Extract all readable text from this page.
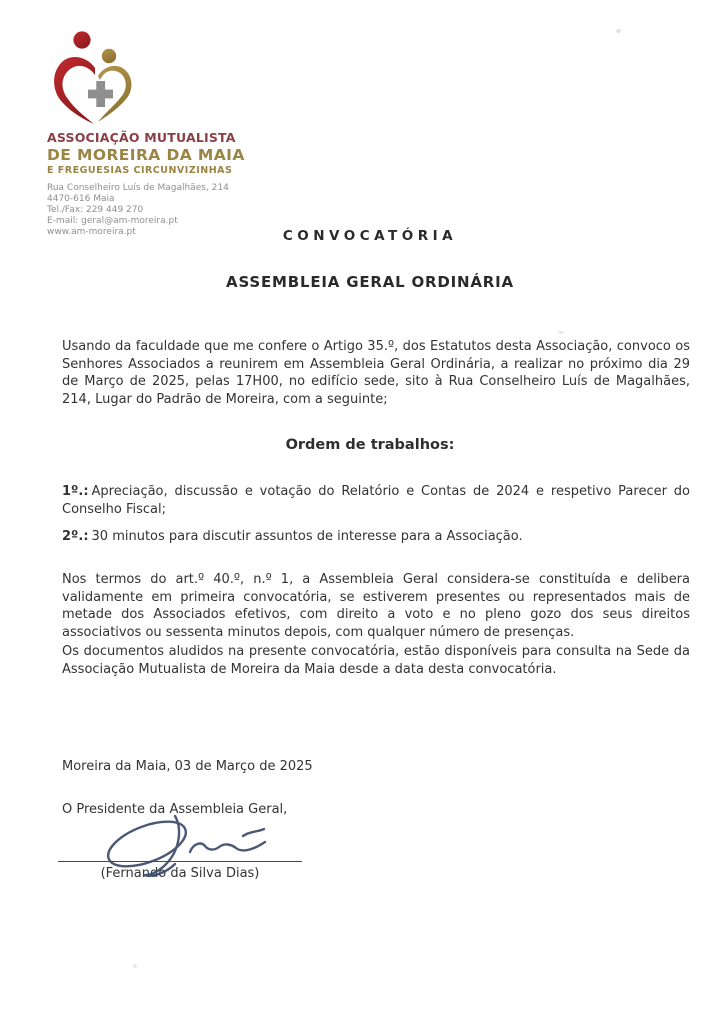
ASSOCIAÇÃO MUTUALISTA
DE MOREIRA DA MAIA
E FREGUESIAS CIRCUNVIZINHAS
Rua Conselheiro Luís de Magalhães, 214
4470-616 Maia
Tel./Fax: 229 449 270
E-mail: geral@am-moreira.pt
www.am-moreira.pt	CONVOCATÓRIA
ASSEMBLEIA GERAL ORDINÁRIA
Usando da faculdade que me confere o Artigo 35.º, dos Estatutos desta Associação, convoco os Senhores Associados a reunirem em Assembleia Geral Ordinária, a realizar no próximo dia 29 de Março de 2025, pelas 17H00, no edifício sede, sito à Rua Conselheiro Luís de Magalhães, 214, Lugar do Padrão de Moreira, com a seguinte;
Ordem de trabalhos:
1º.: Apreciação, discussão e votação do Relatório e Contas de 2024 e respetivo Parecer do Conselho Fiscal;
2º.: 30 minutos para discutir assuntos de interesse para a Associação.
Nos termos do art.º 40.º, n.º 1, a Assembleia Geral considera-se constituída e delibera validamente em primeira convocatória, se estiverem presentes ou representados mais de metade dos Associados efetivos, com direito a voto e no pleno gozo dos seus direitos associativos ou sessenta minutos depois, com qualquer número de presenças.
Os documentos aludidos na presente convocatória, estão disponíveis para consulta na Sede da Associação Mutualista de Moreira da Maia desde a data desta convocatória.
Moreira da Maia, 03 de Março de 2025
O Presidente da Assembleia Geral,
(Fernando da Silva Dias)
